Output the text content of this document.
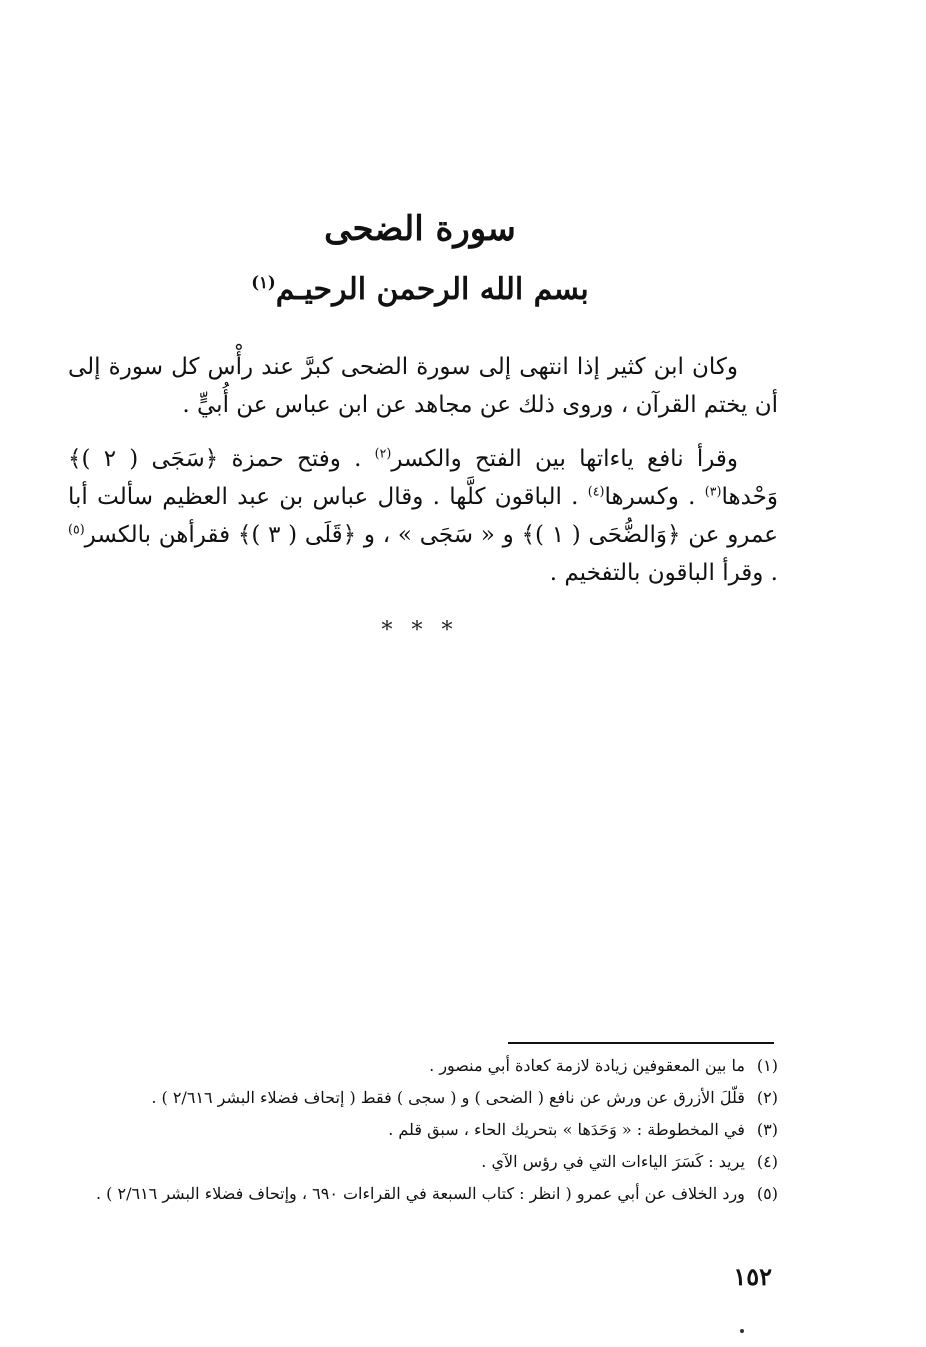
سورة الضحى
بسم الله الرحمن الرحيـم$^{(١)}$

وكان ابن كثير إذا انتهى إلى سورة الضحى كبرَّ عند رأْس كل سورة إلى أن يختم القرآن ، وروى ذلك عن مجاهد عن ابن عباس عن أُبيٍّ .

وقرأ نافع ياءاتها بين الفتح والكسر$^{(٢)}$ . وفتح حمزة ﴿سَجَى ( ٢ )﴾ وَحْدها$^{(٣)}$ . وكسرها$^{(٤)}$ . الباقون كلَّها . وقال عباس بن عبد العظيم سألت أبا عمرو عن ﴿وَالضُّحَى ( ١ )﴾ و « سَجَى » ، و ﴿قَلَى ( ٣ )﴾ فقرأهن بالكسر$^{(٥)}$ . وقرأ الباقون بالتفخيم .

* * *

(١) ما بين المعقوفين زيادة لازمة كعادة أبي منصور .

(٢) قلّلَ الأزرق عن ورش عن نافع ( الضحى ) و ( سجى ) فقط ( إتحاف فضلاء البشر ٢/٦١٦ ) .

(٣) في المخطوطة : « وَحَدَها » بتحريك الحاء ، سبق قلم .

(٤) يريد : كَسَرَ الياءات التي في رؤس الآي .

(٥) ورد الخلاف عن أبي عمرو ( انظر : كتاب السبعة في القراءات ٦٩٠ ، وإتحاف فضلاء البشر ٢/٦١٦ ) .

١٥٢
